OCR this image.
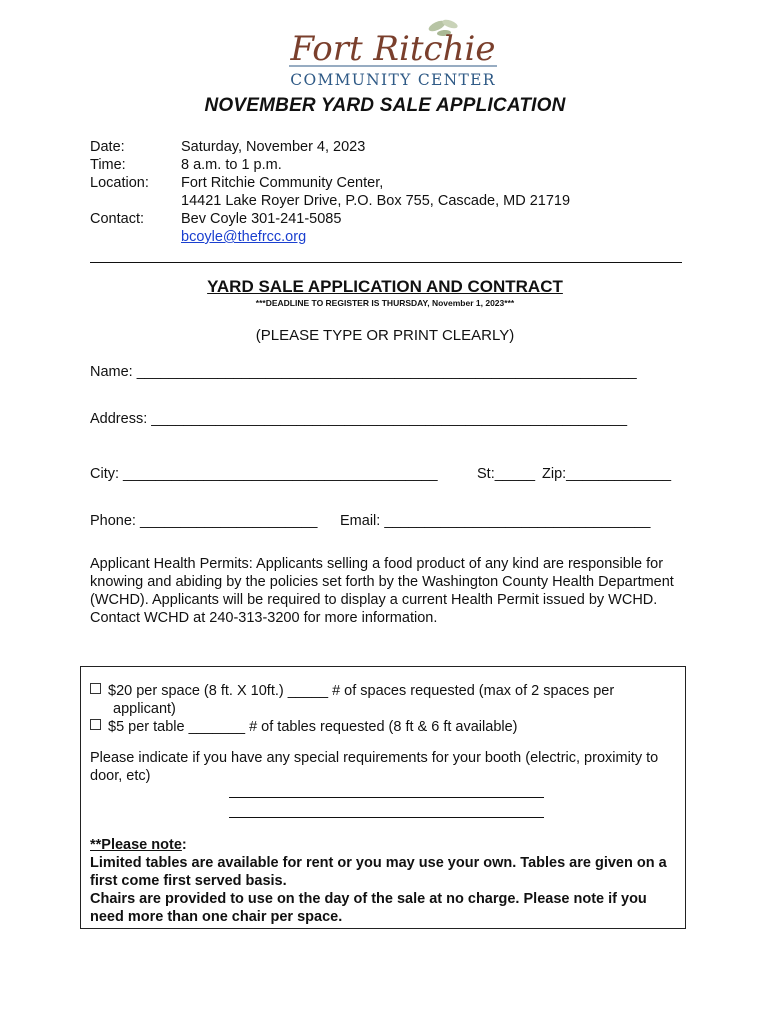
Fort Ritchie
COMMUNITY CENTER
NOVEMBER YARD SALE APPLICATION
Date:	Saturday, November 4, 2023
Time:	8 a.m. to 1 p.m.
Location:	Fort Ritchie Community Center,
14421 Lake Royer Drive, P.O. Box 755, Cascade, MD 21719

Contact:	Bev Coyle 301-241-5085
bcoyle@thefrcc.org
YARD SALE APPLICATION AND CONTRACT
***DEADLINE TO REGISTER IS THURSDAY, November 1, 2023***
(PLEASE TYPE OR PRINT CLEARLY)
Name: ______________________________________________________________
Address: ___________________________________________________________
City: _______________________________________	St:_____ Zip:_____________
Phone: ______________________ Email: _________________________________
Applicant Health Permits: Applicants selling a food product of any kind are responsible for knowing and abiding by the policies set forth by the Washington County Health Department (WCHD). Applicants will be required to display a current Health Permit issued by WCHD.
Contact WCHD at 240-313-3200 for more information.
$20 per space (8 ft. X 10ft.) _____ # of spaces requested (max of 2 spaces per
applicant)
$5 per table _______ # of tables requested (8 ft & 6 ft available)
Please indicate if you have any special requirements for your booth (electric, proximity to door, etc)
**Please note:
Limited tables are available for rent or you may use your own. Tables are given on a first come first served basis.
Chairs are provided to use on the day of the sale at no charge. Please note if you need more than one chair per space.
